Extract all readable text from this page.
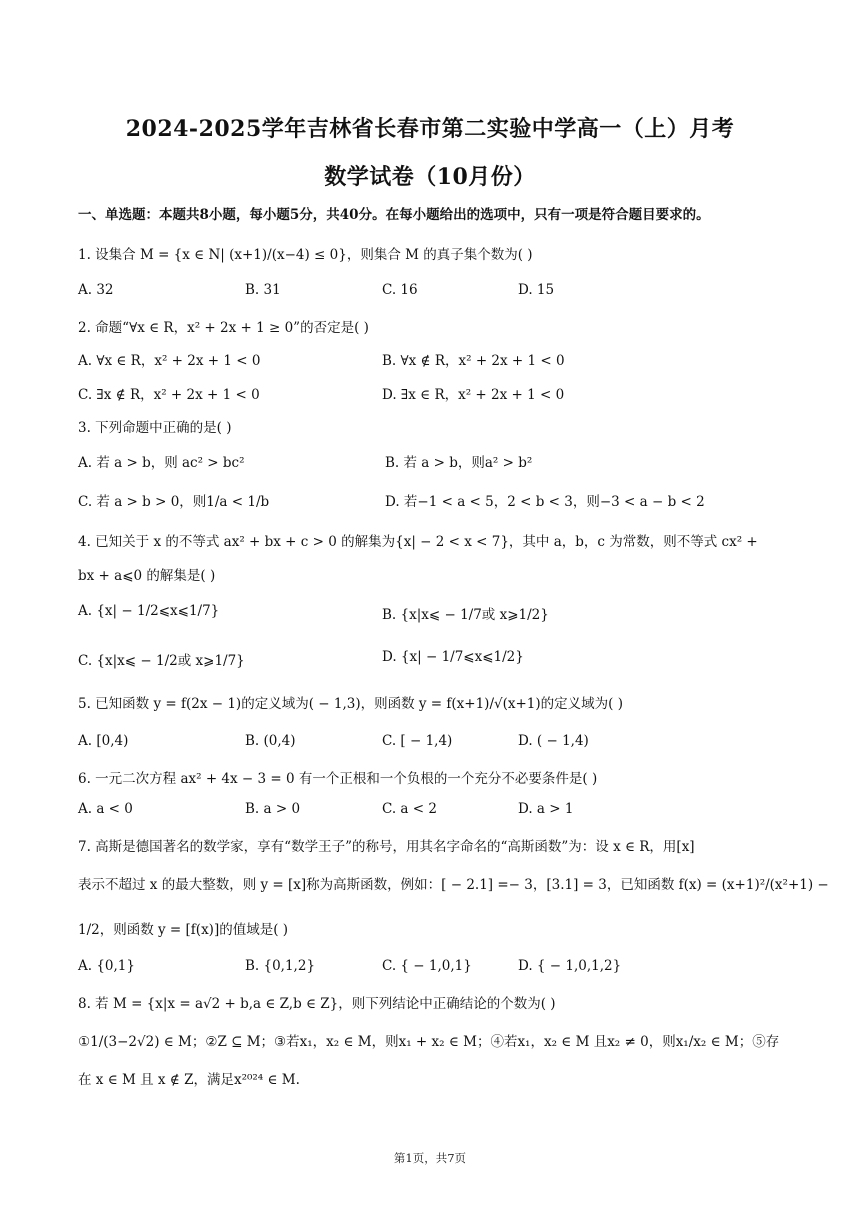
2024-2025学年吉林省长春市第二实验中学高一（上）月考
数学试卷（10月份）
一、单选题：本题共8小题，每小题5分，共40分。在每小题给出的选项中，只有一项是符合题目要求的。
1. 设集合 M = {x ∈ N| (x+1)/(x−4) ≤ 0}，则集合 M 的真子集个数为( )
A. 32	B. 31	C. 16	D. 15
2. 命题“∀x ∈ R，x² + 2x + 1 ≥ 0”的否定是( )
A. ∀x ∈ R，x² + 2x + 1 < 0	B. ∀x ∉ R，x² + 2x + 1 < 0
C. ∃x ∉ R，x² + 2x + 1 < 0	D. ∃x ∈ R，x² + 2x + 1 < 0
3. 下列命题中正确的是( )
A. 若 a > b，则 ac² > bc²	B. 若 a > b，则a² > b²
C. 若 a > b > 0，则1/a < 1/b	D. 若−1 < a < 5，2 < b < 3，则−3 < a − b < 2
4. 已知关于 x 的不等式 ax² + bx + c > 0 的解集为{x| − 2 < x < 7}，其中 a，b，c 为常数，则不等式 cx² +
bx + a⩽0 的解集是( )
A. {x| − 1/2⩽x⩽1/7}	B. {x|x⩽ − 1/7或 x⩾1/2}
C. {x|x⩽ − 1/2或 x⩾1/7}	D. {x| − 1/7⩽x⩽1/2}
5. 已知函数 y = f(2x − 1)的定义域为( − 1,3)，则函数 y = f(x+1)/√(x+1)的定义域为( )
A. [0,4)	B. (0,4)	C. [ − 1,4)	D. ( − 1,4)
6. 一元二次方程 ax² + 4x − 3 = 0 有一个正根和一个负根的一个充分不必要条件是( )
A. a < 0	B. a > 0	C. a < 2	D. a > 1
7. 高斯是德国著名的数学家，享有“数学王子”的称号，用其名字命名的“高斯函数”为：设 x ∈ R，用[x]
表示不超过 x 的最大整数，则 y = [x]称为高斯函数，例如：[ − 2.1] =− 3，[3.1] = 3，已知函数 f(x) = (x+1)²/(x²+1) −
1/2，则函数 y = [f(x)]的值域是( )
A. {0,1}	B. {0,1,2}	C. { − 1,0,1}	D. { − 1,0,1,2}
8. 若 M = {x|x = a√2 + b,a ∈ Z,b ∈ Z}，则下列结论中正确结论的个数为( )
①1/(3−2√2) ∈ M；②Z ⊆ M；③若x₁，x₂ ∈ M，则x₁ + x₂ ∈ M；④若x₁，x₂ ∈ M 且x₂ ≠ 0，则x₁/x₂ ∈ M；⑤存
在 x ∈ M 且 x ∉ Z，满足x²⁰²⁴ ∈ M.
第1页，共7页
